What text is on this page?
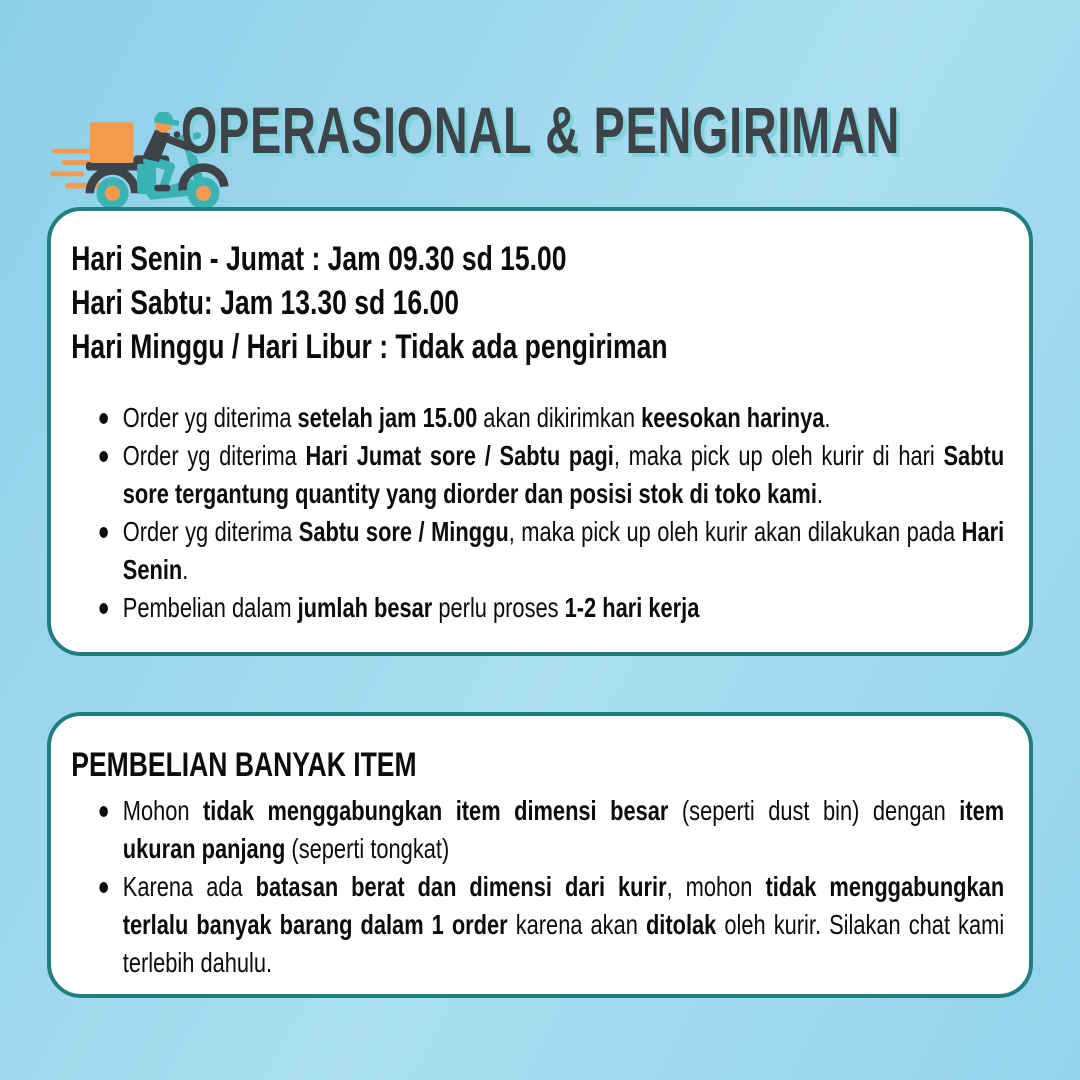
OPERASIONAL & PENGIRIMAN
Hari Senin - Jumat : Jam 09.30 sd 15.00
Hari Sabtu: Jam 13.30 sd 16.00
Hari Minggu / Hari Libur : Tidak ada pengiriman
Order yg diterima setelah jam 15.00 akan dikirimkan keesokan harinya.
Order yg diterima Hari Jumat sore / Sabtu pagi, maka pick up oleh kurir di hari Sabtu sore tergantung quantity yang diorder dan posisi stok di toko kami.
Order yg diterima Sabtu sore / Minggu, maka pick up oleh kurir akan dilakukan pada Hari Senin.
Pembelian dalam jumlah besar perlu proses 1-2 hari kerja
PEMBELIAN BANYAK ITEM
Mohon tidak menggabungkan item dimensi besar (seperti dust bin) dengan item ukuran panjang (seperti tongkat)
Karena ada batasan berat dan dimensi dari kurir, mohon tidak menggabungkan terlalu banyak barang dalam 1 order karena akan ditolak oleh kurir. Silakan chat kami terlebih dahulu.
